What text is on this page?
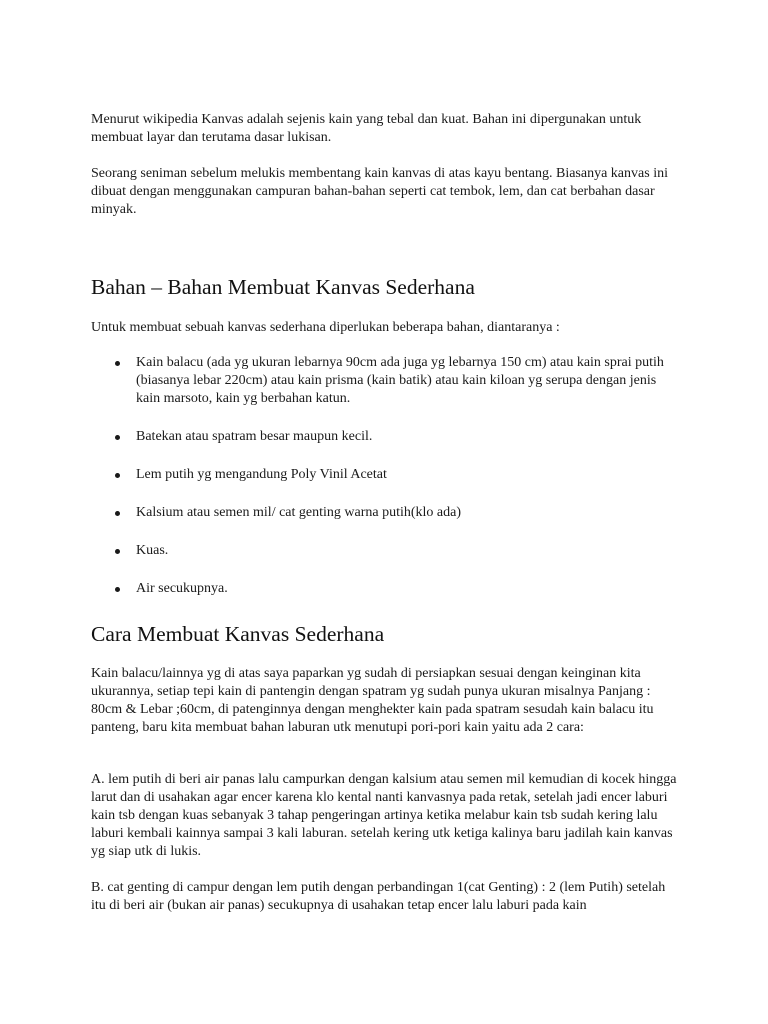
Menurut wikipedia Kanvas adalah sejenis kain yang tebal dan kuat. Bahan ini dipergunakan untuk membuat layar dan terutama dasar lukisan.

Seorang seniman sebelum melukis membentang kain kanvas di atas kayu bentang. Biasanya kanvas ini dibuat dengan menggunakan campuran bahan-bahan seperti cat tembok, lem, dan cat berbahan dasar minyak.

Bahan – Bahan Membuat Kanvas Sederhana

Untuk membuat sebuah kanvas sederhana diperlukan beberapa bahan, diantaranya :

Kain balacu (ada yg ukuran lebarnya 90cm ada juga yg lebarnya 150 cm) atau kain sprai putih (biasanya lebar 220cm) atau kain prisma (kain batik) atau kain kiloan yg serupa dengan jenis kain marsoto, kain yg berbahan katun.
Batekan atau spatram besar maupun kecil.
Lem putih yg mengandung Poly Vinil Acetat
Kalsium atau semen mil/ cat genting warna putih(klo ada)
Kuas.
Air secukupnya.
Cara Membuat Kanvas Sederhana

Kain balacu/lainnya yg di atas saya paparkan yg sudah di persiapkan sesuai dengan keinginan kita ukurannya, setiap tepi kain di pantengin dengan spatram yg sudah punya ukuran misalnya Panjang : 80cm & Lebar ;60cm, di patenginnya dengan menghekter kain pada spatram sesudah kain balacu itu panteng, baru kita membuat bahan laburan utk menutupi pori-pori kain yaitu ada 2 cara:

A. lem putih di beri air panas lalu campurkan dengan kalsium atau semen mil kemudian di kocek hingga larut dan di usahakan agar encer karena klo kental nanti kanvasnya pada retak, setelah jadi encer laburi kain tsb dengan kuas sebanyak 3 tahap pengeringan artinya ketika melabur kain tsb sudah kering lalu laburi kembali kainnya sampai 3 kali laburan. setelah kering utk ketiga kalinya baru jadilah kain kanvas yg siap utk di lukis.

B. cat genting di campur dengan lem putih dengan perbandingan 1(cat Genting) : 2 (lem Putih) setelah itu di beri air (bukan air panas) secukupnya di usahakan tetap encer lalu laburi pada kain
